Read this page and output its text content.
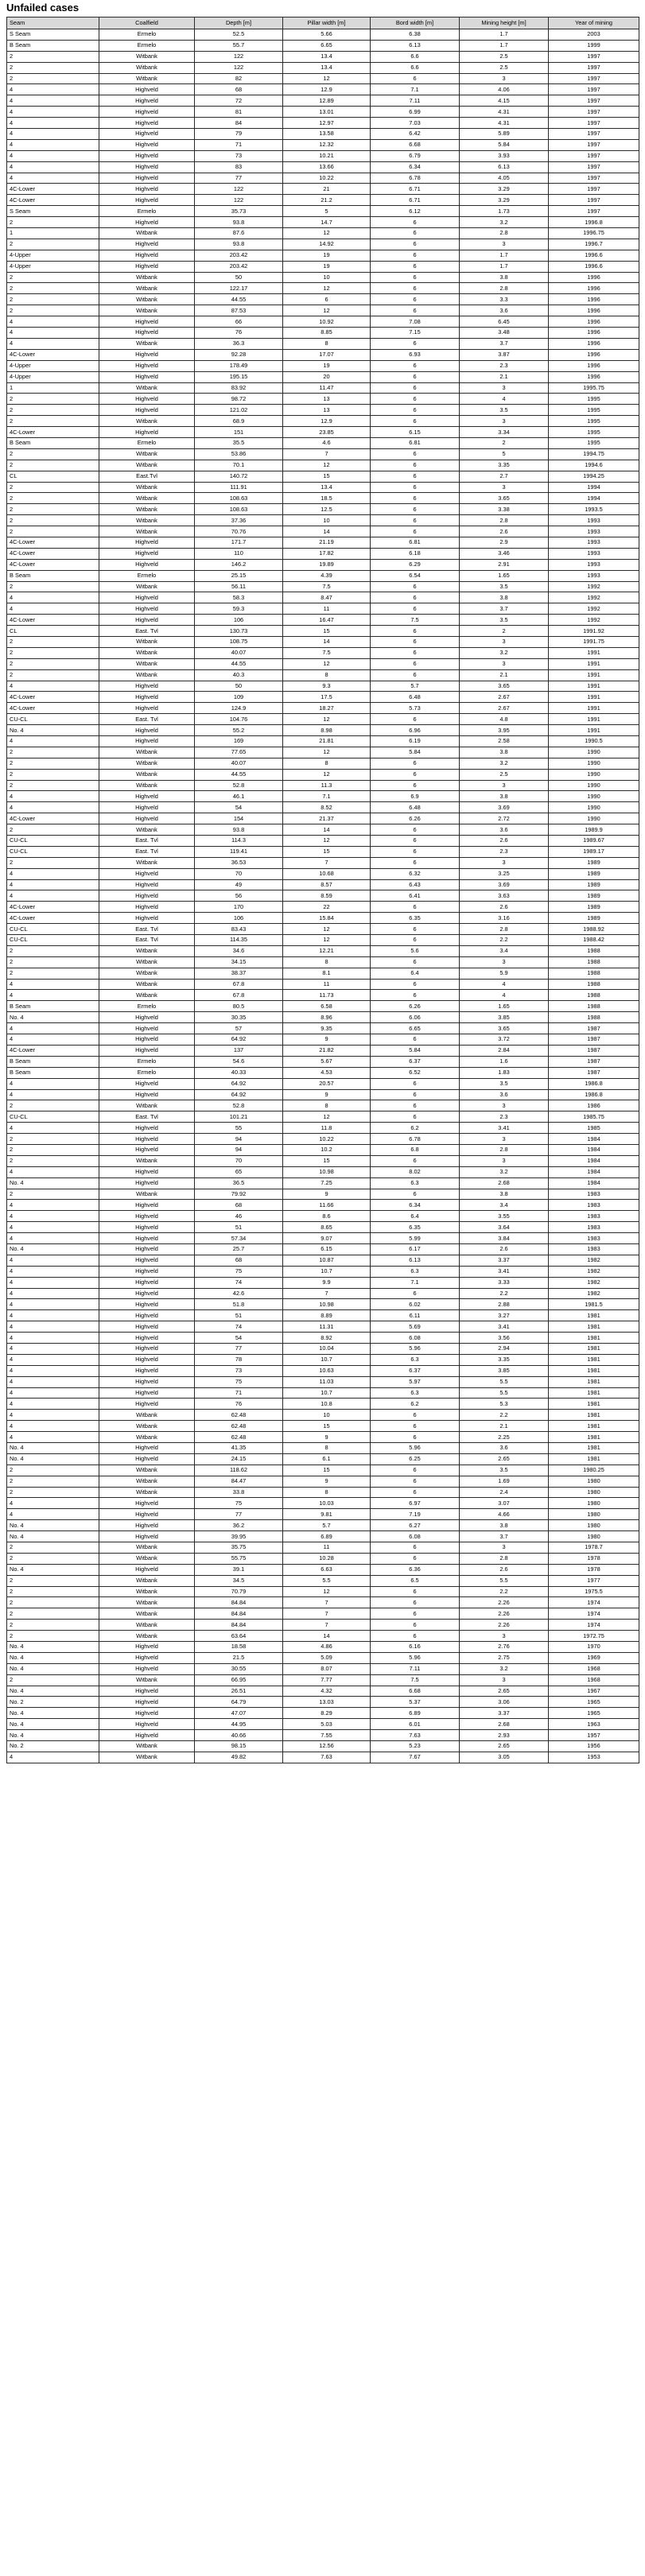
Unfailed cases
Seam	Coalfield	Depth [m]	Pillar width [m]	Bord width [m]	Mining height [m]	Year of mining
S Seam	Ermelo	52.5	5.66	6.38	1.7	2003
B Seam	Ermelo	55.7	6.65	6.13	1.7	1999
2	Witbank	122	13.4	6.6	2.5	1997
2	Witbank	122	13.4	6.6	2.5	1997
2	Witbank	82	12	6	3	1997
4	Highveld	68	12.9	7.1	4.06	1997
4	Highveld	72	12.89	7.11	4.15	1997
4	Highveld	81	13.01	6.99	4.31	1997
4	Highveld	84	12.97	7.03	4.31	1997
4	Highveld	79	13.58	6.42	5.89	1997
4	Highveld	71	12.32	6.68	5.84	1997
4	Highveld	73	10.21	6.79	3.93	1997
4	Highveld	83	13.66	6.34	6.13	1997
4	Highveld	77	10.22	6.78	4.05	1997
4C-Lower	Highveld	122	21	6.71	3.29	1997
4C-Lower	Highveld	122	21.2	6.71	3.29	1997
S Seam	Ermelo	35.73	5	6.12	1.73	1997
2	Highveld	93.8	14.7	6	3.2	1996.8
1	Witbank	87.6	12	6	2.8	1996.75
2	Highveld	93.8	14.92	6	3	1996.7
4-Upper	Highveld	203.42	19	6	1.7	1996.6
4-Upper	Highveld	203.42	19	6	1.7	1996.6
2	Witbank	50	10	6	3.8	1996
2	Witbank	122.17	12	6	2.8	1996
2	Witbank	44.55	6	6	3.3	1996
2	Witbank	87.53	12	6	3.6	1996
4	Highveld	66	10.92	7.08	6.45	1996
4	Highveld	76	8.85	7.15	3.48	1996
4	Witbank	36.3	8	6	3.7	1996
4C-Lower	Highveld	92.28	17.07	6.93	3.87	1996
4-Upper	Highveld	178.49	19	6	2.3	1996
4-Upper	Highveld	195.15	20	6	2.1	1996
1	Witbank	83.92	11.47	6	3	1995.75
2	Highveld	98.72	13	6	4	1995
2	Highveld	121.02	13	6	3.5	1995
2	Witbank	68.9	12.9	6	3	1995
4C-Lower	Highveld	151	23.85	6.15	3.34	1995
B Seam	Ermelo	35.5	4.6	6.81	2	1995
2	Witbank	53.86	7	6	5	1994.75
2	Witbank	70.1	12	6	3.35	1994.6
CL	East.Tvl	140.72	15	6	2.7	1994.25
2	Witbank	111.91	13.4	6	3	1994
2	Witbank	108.63	18.5	6	3.65	1994
2	Witbank	108.63	12.5	6	3.38	1993.5
2	Witbank	37.36	10	6	2.8	1993
2	Witbank	70.76	14	6	2.6	1993
4C-Lower	Highveld	171.7	21.19	6.81	2.9	1993
4C-Lower	Highveld	110	17.82	6.18	3.46	1993
4C-Lower	Highveld	146.2	19.89	6.29	2.91	1993
B Seam	Ermelo	25.15	4.39	6.54	1.65	1993
2	Witbank	56.11	7.5	6	3.5	1992
4	Highveld	58.3	8.47	6	3.8	1992
4	Highveld	59.3	11	6	3.7	1992
4C-Lower	Highveld	106	16.47	7.5	3.5	1992
CL	East. Tvl	130.73	15	6	2	1991.92
2	Witbank	108.75	14	6	3	1991.75
2	Witbank	40.07	7.5	6	3.2	1991
2	Witbank	44.55	12	6	3	1991
2	Witbank	40.3	8	6	2.1	1991
4	Highveld	50	9.3	5.7	3.65	1991
4C-Lower	Highveld	109	17.5	6.48	2.67	1991
4C-Lower	Highveld	124.9	18.27	5.73	2.67	1991
CU-CL	East. Tvl	104.76	12	6	4.8	1991
No. 4	Highveld	55.2	8.98	6.96	3.95	1991
4	Highveld	169	21.81	6.19	2.58	1990.5
2	Witbank	77.65	12	5.84	3.8	1990
2	Witbank	40.07	8	6	3.2	1990
2	Witbank	44.55	12	6	2.5	1990
2	Witbank	52.8	11.3	6	3	1990
4	Highveld	46.1	7.1	6.9	3.8	1990
4	Highveld	54	8.52	6.48	3.69	1990
4C-Lower	Highveld	154	21.37	6.26	2.72	1990
2	Witbank	93.8	14	6	3.6	1989.9
CU-CL	East. Tvl	114.3	12	6	2.6	1989.67
CU-CL	East. Tvl	119.41	15	6	2.3	1989.17
2	Witbank	36.53	7	6	3	1989
4	Highveld	70	10.68	6.32	3.25	1989
4	Highveld	49	8.57	6.43	3.69	1989
4	Highveld	56	8.59	6.41	3.63	1989
4C-Lower	Highveld	170	22	6	2.6	1989
4C-Lower	Highveld	106	15.84	6.35	3.16	1989
CU-CL	East. Tvl	83.43	12	6	2.8	1988.92
CU-CL	East. Tvl	114.35	12	6	2.2	1988.42
2	Witbank	34.6	12.21	5.6	3.4	1988
2	Witbank	34.15	8	6	3	1988
2	Witbank	38.37	8.1	6.4	5.9	1988
4	Witbank	67.8	11	6	4	1988
4	Witbank	67.8	11.73	6	4	1988
B Seam	Ermelo	80.5	6.58	6.26	1.65	1988
No. 4	Highveld	30.35	8.96	6.06	3.85	1988
4	Highveld	57	9.35	6.65	3.65	1987
4	Highveld	64.92	9	6	3.72	1987
4C-Lower	Highveld	137	21.82	5.84	2.84	1987
B Seam	Ermelo	54.6	5.67	6.37	1.6	1987
B Seam	Ermelo	40.33	4.53	6.52	1.83	1987
4	Highveld	64.92	20.57	6	3.5	1986.8
4	Highveld	64.92	9	6	3.6	1986.8
2	Witbank	52.8	8	6	3	1986
CU-CL	East. Tvl	101.21	12	6	2.3	1985.75
4	Highveld	55	11.8	6.2	3.41	1985
2	Highveld	94	10.22	6.78	3	1984
2	Highveld	94	10.2	6.8	2.8	1984
2	Witbank	70	15	6	3	1984
4	Highveld	65	10.98	8.02	3.2	1984
No. 4	Highveld	36.5	7.25	6.3	2.68	1984
2	Witbank	79.92	9	6	3.8	1983
4	Highveld	68	11.66	6.34	3.4	1983
4	Highveld	46	8.6	6.4	3.55	1983
4	Highveld	51	8.65	6.35	3.64	1983
4	Highveld	57.34	9.07	5.99	3.84	1983
No. 4	Highveld	25.7	6.15	6.17	2.6	1983
4	Highveld	68	10.87	6.13	3.37	1982
4	Highveld	75	10.7	6.3	3.41	1982
4	Highveld	74	9.9	7.1	3.33	1982
4	Highveld	42.6	7	6	2.2	1982
4	Highveld	51.8	10.98	6.02	2.88	1981.5
4	Highveld	51	8.89	6.11	3.27	1981
4	Highveld	74	11.31	5.69	3.41	1981
4	Highveld	54	8.92	6.08	3.56	1981
4	Highveld	77	10.04	5.96	2.94	1981
4	Highveld	78	10.7	6.3	3.35	1981
4	Highveld	73	10.63	6.37	3.85	1981
4	Highveld	75	11.03	5.97	5.5	1981
4	Highveld	71	10.7	6.3	5.5	1981
4	Highveld	76	10.8	6.2	5.3	1981
4	Witbank	62.48	10	6	2.2	1981
4	Witbank	62.48	15	6	2.1	1981
4	Witbank	62.48	9	6	2.25	1981
No. 4	Highveld	41.35	8	5.96	3.6	1981
No. 4	Highveld	24.15	6.1	6.25	2.65	1981
2	Witbank	118.62	15	6	3.5	1980.25
2	Witbank	84.47	9	6	1.69	1980
2	Witbank	33.8	8	6	2.4	1980
4	Highveld	75	10.03	6.97	3.07	1980
4	Highveld	77	9.81	7.19	4.66	1980
No. 4	Highveld	36.2	5.7	6.27	3.8	1980
No. 4	Highveld	39.95	6.89	6.08	3.7	1980
2	Witbank	35.75	11	6	3	1978.7
2	Witbank	55.75	10.28	6	2.8	1978
No. 4	Highveld	39.1	6.63	6.36	2.6	1978
2	Witbank	34.5	5.5	6.5	5.5	1977
2	Witbank	70.79	12	6	2.2	1975.5
2	Witbank	84.84	7	6	2.26	1974
2	Witbank	84.84	7	6	2.26	1974
2	Witbank	84.84	7	6	2.26	1974
2	Witbank	63.64	14	6	3	1972.75
No. 4	Highveld	18.58	4.86	6.16	2.76	1970
No. 4	Highveld	21.5	5.09	5.96	2.75	1969
No. 4	Highveld	30.55	8.07	7.11	3.2	1968
2	Witbank	66.95	7.77	7.5	3	1968
No. 4	Highveld	26.51	4.32	6.68	2.65	1967
No. 2	Highveld	64.79	13.03	5.37	3.06	1965
No. 4	Highveld	47.07	8.29	6.89	3.37	1965
No. 4	Highveld	44.95	5.03	6.01	2.68	1963
No. 4	Highveld	40.66	7.55	7.63	2.93	1957
No. 2	Witbank	98.15	12.56	5.23	2.65	1956
4	Witbank	49.82	7.63	7.67	3.05	1953
